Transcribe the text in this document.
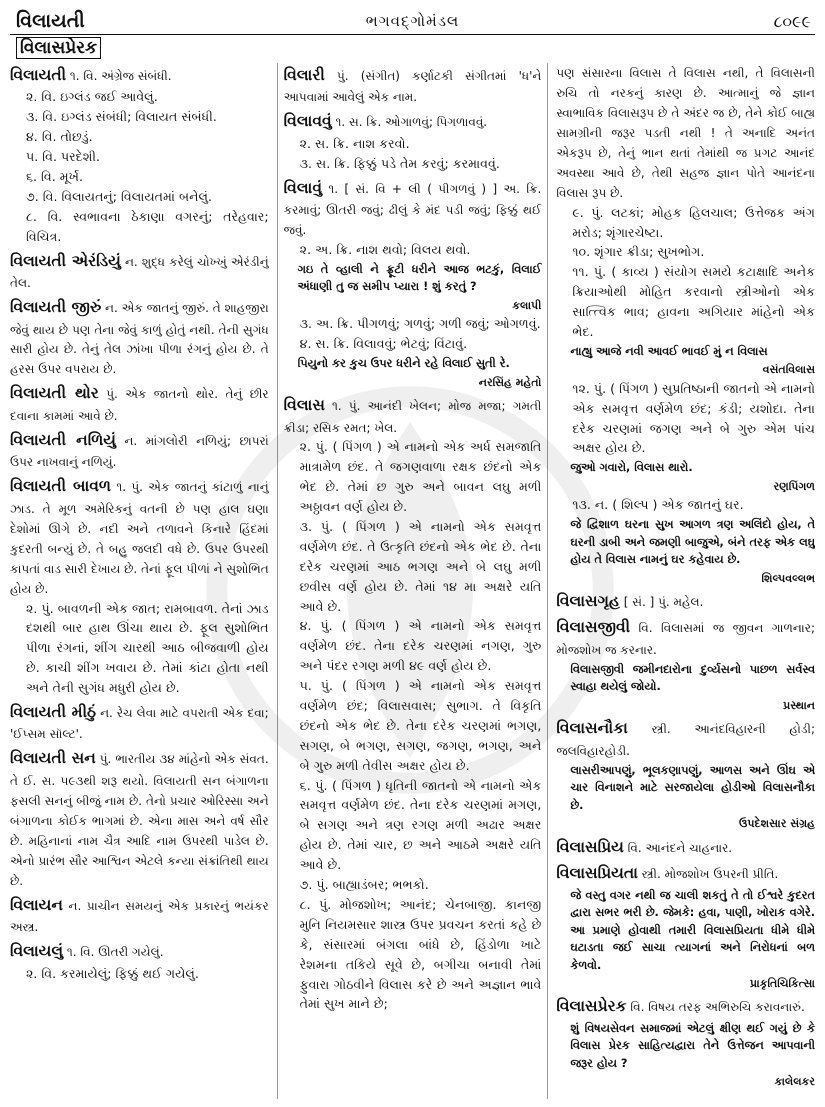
વિલાયતી	ભગવદ્ગોમંડલ	૮૦૯૯
વિલાસપ્રેરક
વિલાયતી ૧. વિ. અંગ્રેજ સંબંધી.
૨. વિ. ઇગ્લંડ જઈ આવેલું.
૩. વિ. ઇગ્લંડ સંબંધી; વિલાયત સંબંધી.
૪. વિ. તોછડું.
૫. વિ. પરદેશી.
૬. વિ. મૂર્ખ.
૭. વિ. વિલાયતનું; વિલાયતમાં બનેલું.
૮. વિ. સ્વભાવના ઠેકાણા વગરનું; તરેહવાર; વિચિત્ર.
વિલાયતી એરંડિયું ન. શુદ્ધ કરેલું ચોખ્ખું એરંડીનું તેલ.
વિલાયતી જીરું ન. એક જાતનું જીરું. તે શાહજીરા જેવું થાય છે પણ તેના જેવું કાળું હોતું નથી. તેની સુગંધ સારી હોય છે. તેનું તેલ ઝાંખા પીળા રંગનું હોય છે. તે હરસ ઉપર વપરાય છે.
વિલાયતી થોર પું. એક જાતનો થોર. તેનું છીર દવાના કામમાં આવે છે.
વિલાયતી નળિયું ન. માંગલોરી નળિયું; છાપરાં ઉપર નાખવાનું નળિયું.
વિલાયતી બાવળ ૧. પું. એક જાતનું કાંટાળું નાનું ઝાડ. તે મૂળ અમેરિકનું વતની છે પણ હાલ ઘણા દેશોમાં ઊગે છે. નદી અને તળાવને કિનારે હિંદમાં કુદરતી બન્યું છે. તે બહુ જલદી વધે છે. ઉપર ઉપરથી કાપતાં વાડ સારી દેખાય છે. તેનાં ફૂલ પીળાં ને સુશોભિત હોય છે.
૨. પું. બાવળની એક જાત; રામબાવળ. તેનાં ઝાડ દશથી બાર હાથ ઊંચા થાય છે. ફૂલ સુશોભિત પીળા રંગનાં, શીંગ ચારથી આઠ બીજવાળી હોય છે. કાચી શીંગ ખવાય છે. તેમાં કાંટા હોતા નથી અને તેની સુગંધ મધુરી હોય છે.
વિલાયતી મીઠું ન. રેચ લેવા માટે વપરાતી એક દવા; 'ઈપ્સમ સૉલ્ટ'.
વિલાયતી સન પું. ભારતીય ૩૪ માંહેનો એક સંવત. તે ઈ. સ. ૫૯૩થી શરૂ થયો. વિલાયતી સન બંગાળના ફસલી સનનું બીજું નામ છે. તેનો પ્રચાર ઓરિસ્સા અને બંગાળના કોઈક ભાગમાં છે. એના માસ અને વર્ષ સૌર છે. મહિનાનાં નામ ચૈત્ર આદિ નામ ઉપરથી પાડેલ છે. એનો પ્રારંભ સૌર આશ્વિન એટલે કન્યા સંક્રાંતિથી થાય છે.
વિલાયન ન. પ્રાચીન સમયનું એક પ્રકારનું ભયંકર અસ્ત્ર.
વિલાયલું ૧. વિ. ઊતરી ગયેલું.
૨. વિ. કરમાયેલું; ફિક્કું થઈ ગયેલું.
વિલારી પું. (સંગીત) કર્ણાટકી સંગીતમાં 'ધ'ને આપવામાં આવેલું એક નામ.
વિલાવવું ૧. સ. ક્રિ. ઓગાળવું; પિગળાવવું.
૨. સ. ક્રિ. નાશ કરવો.
૩. સ. ક્રિ. ફિક્કું પડે તેમ કરવું; કરમાવવું.
વિલાવું ૧. [ સં. વિ + લી ( પીગળવું ) ] અ. ક્રિ. કરમાવું; ઊતરી જવું; ઢીલું કે મંદ પડી જવું; ફિક્કું થઈ જવું.
૨. અ. ક્રિ. નાશ થવો; વિલય થવો.
ગઇ તે વ્હાલી ને ફ્રૂટી ધરીને આજ ભટકું, વિલાઈ અંધાણી તુ જ સમીપ પ્યારા ! શું કરતું ?
કલાપી
૩. અ. ક્રિ. પીગળવું; ગળવું; ગળી જવું; ઓગળવું.
૪. સ. ક્રિ. વિલાવવું; ભેટવું; વિંટાવું.
પિયુનો કર કુચ ઉપર ધરીને રહે વિલાઈ સુતી રે.
નરસિંહ મહેતો
વિલાસ ૧. પું. આનંદી ખેલન; મોજ મજા; ગમતી ક્રીડા; રસિક રમત; ખેલ.
૨. પું. ( પિંગળ ) એ નામનો એક અર્ધ સમજાતિ માત્રામેળ છંદ. તે જગણવાળા રક્ષક છંદનો એક ભેદ છે. તેમાં છ ગુરુ અને બાવન લઘુ મળી અઠ્ઠાવન વર્ણ હોય છે.
૩. પું. ( પિંગળ ) એ નામનો એક સમવૃત્ત વર્ણમેળ છંદ. તે ઉત્કૃતિ છંદનો એક ભેદ છે. તેના દરેક ચરણમાં આઠ ભગણ અને બે લઘુ મળી છવીસ વર્ણ હોય છે. તેમાં ૧૪ મા અક્ષરે યતિ આવે છે.
૪. પું. ( પિંગળ ) એ નામનો એક સમવૃત્ત વર્ણમેળ છંદ. તેના દરેક ચરણમાં નગણ, ગુરુ અને પંદર રગણ મળી ૪૯ વર્ણ હોય છે.
૫. પું. ( પિંગળ ) એ નામનો એક સમવૃત્ત વર્ણમેળ છંદ; વિલાસવાસ; સુભાગ. તે વિકૃતિ છંદનો એક ભેદ છે. તેના દરેક ચરણમાં ભગણ, સગણ, બે ભગણ, સગણ, જગણ, ભગણ, અને બે ગુરુ મળી તેવીસ અક્ષર હોય છે.
૬. પું. ( પિંગળ ) ધૃતિની જાતનો એ નામનો એક સમવૃત્ત વર્ણમેળ છંદ. તેના દરેક ચરણમાં મગણ, બે સગણ અને ત્રણ રગણ મળી અઢાર અક્ષર હોય છે. તેમાં ચાર, છ અને આઠમે અક્ષરે યતિ આવે છે.
૭. પું. બાહ્યાડંબર; ભભકો.
૮. પું. મોજશોખ; આનંદ; ચેનબાજી. કાનજી મુનિ નિયમસાર શાસ્ત્ર ઉપર પ્રવચન કરતાં કહે છે કે, સંસારમાં બંગલા બાંધે છે, હિંડોળા ખાટે રેશમના તકિયે સૂવે છે, બગીચા બનાવી તેમાં ફુવારા ગોઠવીને વિલાસ કરે છે અને અજ્ઞાન ભાવે તેમાં સુખ માને છે;
પણ સંસારના વિલાસ તે વિલાસ નથી, તે વિલાસની રુચિ તો નરકનું કારણ છે. આત્માનું જે જ્ઞાન સ્વાભાવિક વિલાસરૂપ છે તે અંદર જ છે, તેને કોઈ બાહ્ય સામગ્રીની જરૂર પડતી નથી ! તે અનાદિ અનંત એકરૂપ છે, તેનું ભાન થતાં તેમાંથી જ પ્રગટ આનંદ અવસ્થા આવે છે, તેથી સહજ જ્ઞાન પોતે આનંદના વિલાસ રૂપ છે.
૯. પું. લટકાં; મોહક હિલચાલ; ઉત્તેજક અંગ મરોડ; શૃંગારચેષ્ટા.
૧૦. શૃંગાર ક્રીડા; સુખભોગ.
૧૧. પું. ( કાવ્ય ) સંયોગ સમયે કટાક્ષાદિ અનેક ક્રિયાઓથી મોહિત કરવાનો સ્ત્રીઓનો એક સાત્ત્વિક ભાવ; હાવના અગિયાર માંહેનો એક ભેદ.
નાહ્યુ આજે નવી આવઈ ભાવઈ મું ન વિલાસ
વસંતવિલાસ
૧૨. પું. ( પિંગળ ) સુપ્રતિષ્ઠાની જાતનો એ નામનો એક સમવૃત્ત વર્ણમેળ છંદ; કંડી; યશોદા. તેના દરેક ચરણમાં જગણ અને બે ગુરુ એમ પાંચ અક્ષર હોય છે.
જુઓ ગવારો, વિલાસ થારો.
રણપિંગળ
૧૩. ન. ( શિલ્પ ) એક જાતનું ઘર.
જે દ્વિશાળ ઘરના સુખ આગળ ત્રણ અલિંદો હોય, તે ઘરની ડાબી અને જમણી બાજુએ, બંને તરફ એક લઘુ હોય તે વિલાસ નામનું ઘર કહેવાય છે.
શિલ્પવલ્લભ
વિલાસગૃહ [ સં. ] પું. મહેલ.
વિલાસજીવી વિ. વિલાસમાં જ જીવન ગાળનાર; મોજશોખ જ કરનાર.
વિલાસજીવી જમીનદારોના દુર્વ્યસનો પાછળ સર્વસ્વ સ્વાહા થયેલું જોયો.
પ્રસ્થાન
વિલાસનૌકા સ્ત્રી. આનંદવિહારની હોડી; જલવિહારહોડી.
લાસરીઆપણું, ભૂલકણાપણું, આળસ અને ઊંઘ એ ચાર વિનાશને માટે સરજાયેલા હોડીઓ વિલાસનૌકા છે.
ઉપદેશસાર સંગ્રહ
વિલાસપ્રિય વિ. આનંદને ચાહનાર.
વિલાસપ્રિયતા સ્ત્રી. મોજશોખ ઉપરની પ્રીતિ.
જે વસ્તુ વગર નથી જ ચાલી શકતું તે તો ઈશ્વરે કુદરત દ્વારા સભર ભરી છે. જેમકે: હવા, પાણી, ખોરાક વગેરે. આ પ્રમાણે હોવાથી તમારી વિલાસપ્રિયતા ધીમે ધીમે ઘટાડતા જઈ સાચા ત્યાગનાં અને નિરોધનાં બળ કેળવો.
પ્રાકૃતિચિકિત્સા
વિલાસપ્રેરક વિ. વિષય તરફ અભિરુચિ કરાવનારું.
શું વિષયસેવન સમાજમાં એટલું ક્ષીણ થઈ ગયું છે કે વિલાસ પ્રેરક સાહિત્યદ્વારા તેને ઉત્તેજન આપવાની જરૂર હોય ?
કાલેલકર
